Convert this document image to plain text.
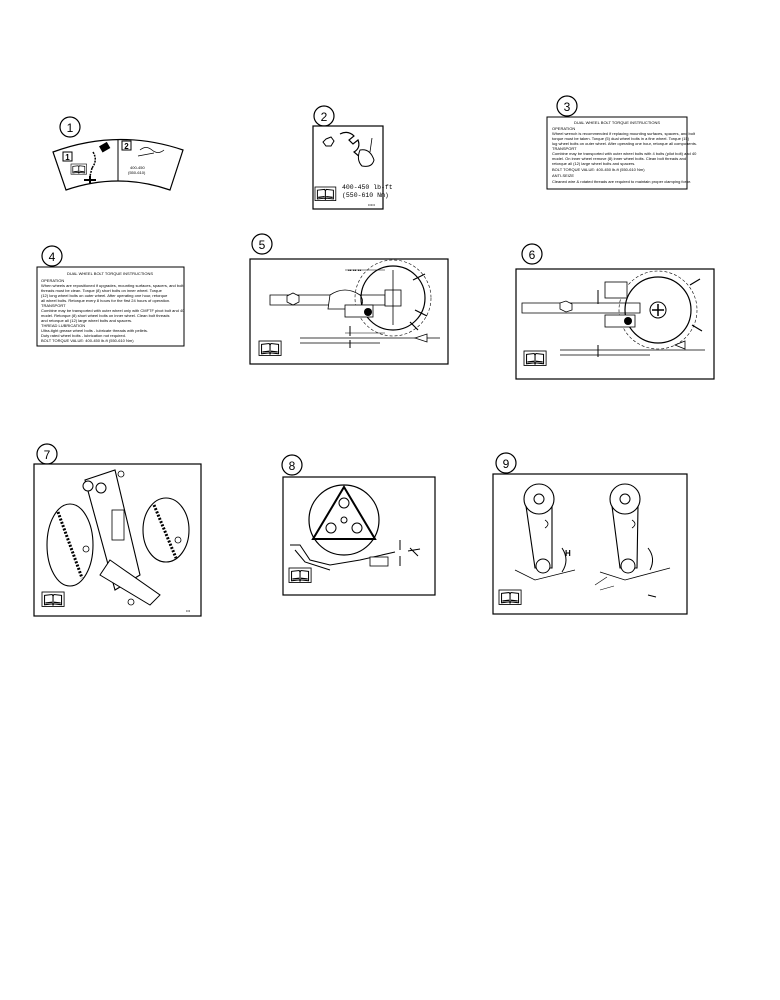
1
1
2
400-450
(550-610)
2
400-450 lb-ft
(550-610 Nm)
•••••
3
DUAL WHEEL BOLT TORQUE INSTRUCTIONS
OPERATION
Wheel wrench is recommended if replacing mounting surfaces, spacers, and bolt
torque must be taken. Torque (5) dual wheel bolts in a fine wheel. Torque (15)
lug wheel bolts on outer wheel. After operating one hour, retorque all components.
TRANSPORT
Combine may be transported with outer wheel bolts with 4 bolts (pilot bolt) and 40
model. On inner wheel remove (8) inner wheel bolts. Clean bolt threads and
retorque all (12) large wheel bolts and spacers.
BOLT TORQUE VALUE: 400-450 lb-ft (550-610 Nm)
ANTI-SEIZE
Cleaned wire & rotated threads are required to maintain proper clamping force.
4
DUAL WHEEL BOLT TORQUE INSTRUCTIONS
OPERATION
When wheels are repositioned if upgrades, mounting surfaces, spacers, and bolt
threads must be clean. Torque (8) short bolts on inner wheel. Torque
(12) long wheel bolts on outer wheel. After operating one hour, retorque
all wheel bolts. Retorque every 8 hours for the first 24 hours of operation.
TRANSPORT
Combine may be transported with outer wheel only with CMFTF pivot bolt and 40
model. Retorque (8) short wheel bolts on inner wheel. Clean bolt threads
and retorque all (12) large wheel bolts and spacers.
THREAD LUBRICATION
Ultra-tight grease wheel bolts - lubricate threads with pellets.
Duty rated wheel bolts - lubrication not required.
BOLT TORQUE VALUE: 400-450 lb-ft (550-610 Nm)
5
•• •• ••
6
7
•••
8	9
H
